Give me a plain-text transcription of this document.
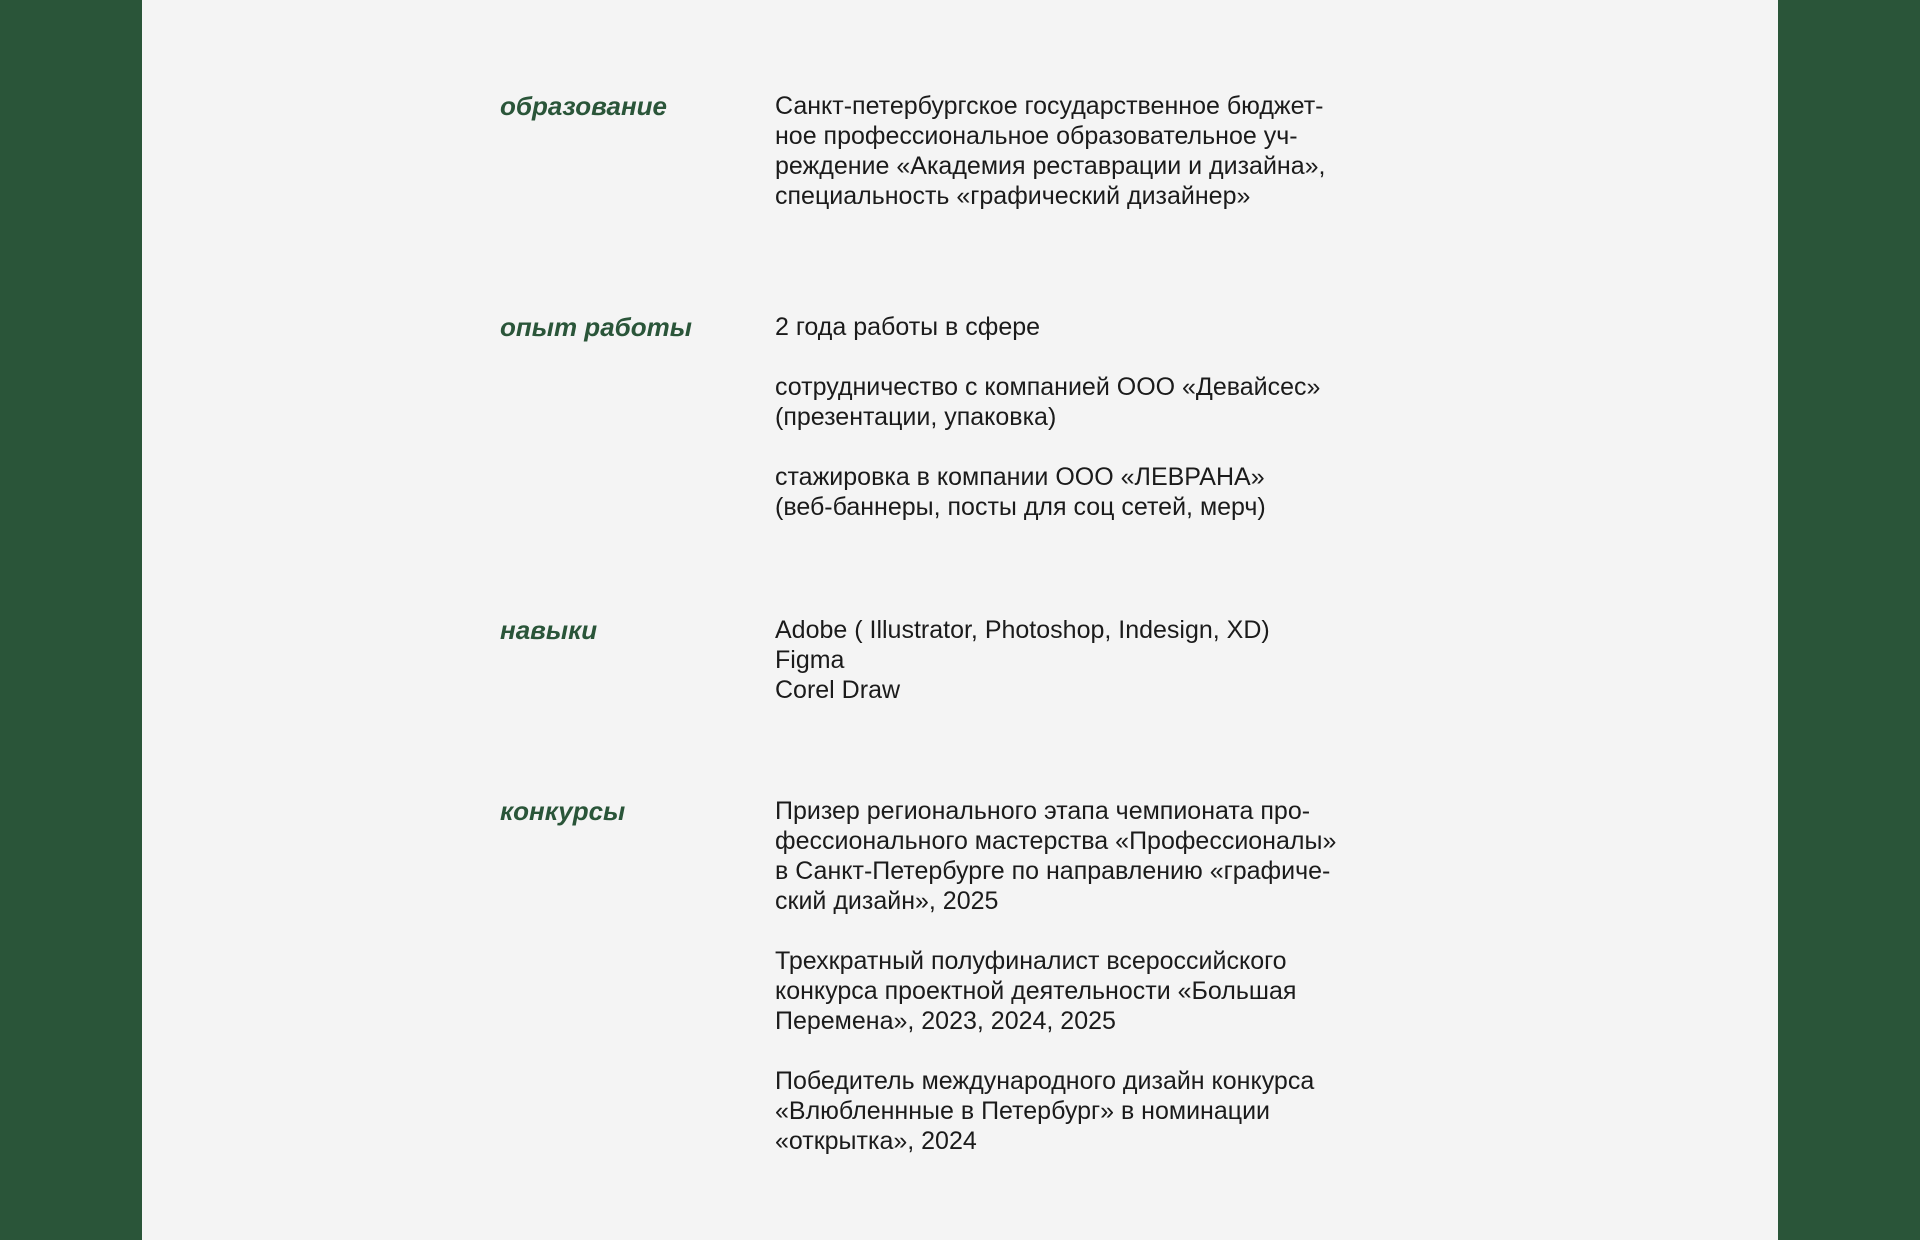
образование	Санкт-петербургское государственное бюджет-
ное профессиональное образовательное уч-
реждение «Академия реставрации и дизайна»,
специальность «графический дизайнер»

опыт работы	2 года работы в сфере

сотрудничество с компанией ООО «Девайсес»
(презентации, упаковка)

стажировка в компании ООО «ЛЕВРАНА»
(веб-баннеры, посты для соц сетей, мерч)

навыки	Adobe ( Illustrator, Photoshop, Indesign, XD)
Figma
Corel Draw

конкурсы	Призер регионального этапа чемпионата про-
фессионального мастерства «Профессионалы»
в Санкт-Петербурге по направлению «графиче-
ский дизайн», 2025

Трехкратный полуфиналист всероссийского
конкурса проектной деятельности «Большая
Перемена», 2023, 2024, 2025

Победитель международного дизайн конкурса
«Влюбленнные в Петербург» в номинации
«открытка», 2024
